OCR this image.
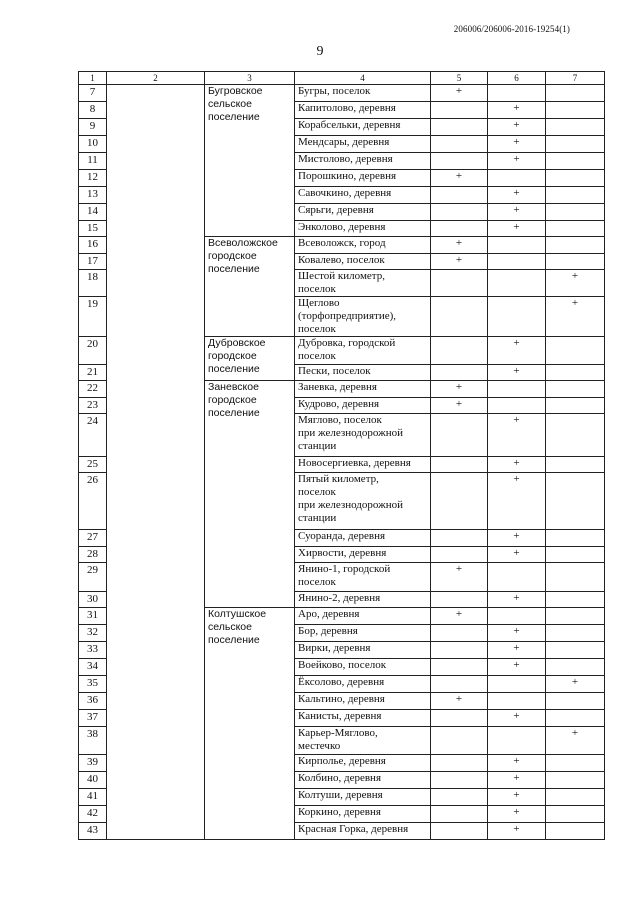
206006/206006-2016-19254(1)
9
1	2	3	4	5	6	7

7		Бугровское
сельское
поселение	Бугры, поселок	+		

8			Капитолово, деревня		+	

9			Корабсельки, деревня		+	

10			Мендсары, деревня		+	

11			Мистолово, деревня		+	

12			Порошкино, деревня	+		

13			Савочкино, деревня		+	

14			Сярьги, деревня		+	

15			Энколово, деревня		+	

16		Всеволожское
городское
поселение	Всеволожск, город	+		

17			Ковалево, поселок	+		

18			Шестой километр,
поселок			+

19			Щеглово
(торфопредприятие),
поселок			+

20		Дубровское
городское
поселение	Дубровка, городской
поселок		+	

21			Пески, поселок		+	

22		Заневское
городское
поселение	Заневка, деревня	+		

23			Кудрово, деревня	+		

24			Мяглово, поселок
при железнодорожной
станции		+	

25			Новосергиевка, деревня		+	

26			Пятый километр,
поселок
при железнодорожной
станции		+	

27			Суоранда, деревня		+	

28			Хирвости, деревня		+	

29			Янино-1, городской
поселок	+		

30			Янино-2, деревня		+	

31		Колтушское
сельское
поселение	Аро, деревня	+		

32			Бор, деревня		+	

33			Вирки, деревня		+	

34			Воейково, поселок		+	

35			Ёксолово, деревня			+

36			Кальтино, деревня	+		

37			Канисты, деревня		+	

38			Карьер-Мяглово,
местечко			+

39			Кирполье, деревня		+	

40			Колбино, деревня		+	

41			Колтуши, деревня		+	

42			Коркино, деревня		+	

43			Красная Горка, деревня		+	
